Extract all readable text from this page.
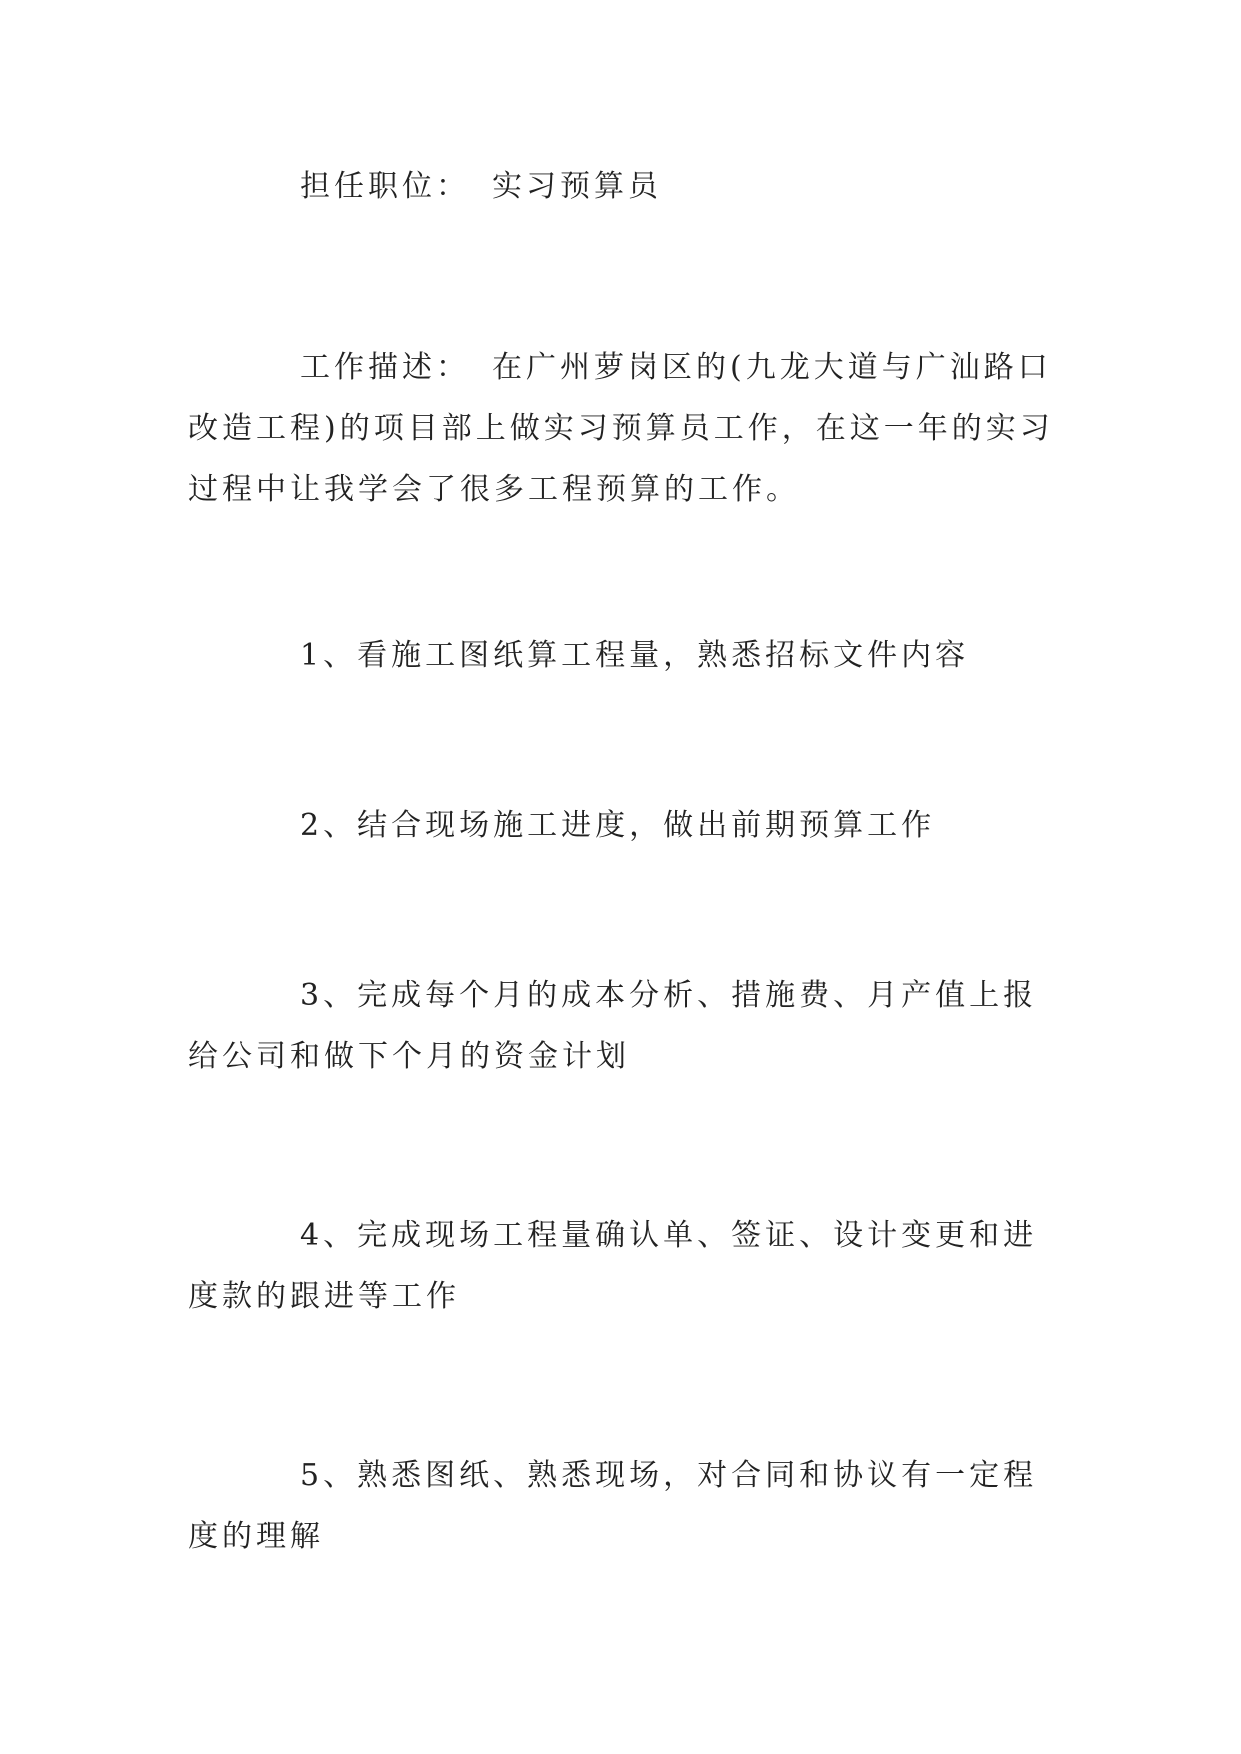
担任职位： 实习预算员

工作描述： 在广州萝岗区的(九龙大道与广汕路口改造工程)的项目部上做实习预算员工作，在这一年的实习过程中让我学会了很多工程预算的工作。

1、看施工图纸算工程量，熟悉招标文件内容

2、结合现场施工进度，做出前期预算工作

3、完成每个月的成本分析、措施费、月产值上报给公司和做下个月的资金计划

4、完成现场工程量确认单、签证、设计变更和进度款的跟进等工作

5、熟悉图纸、熟悉现场，对合同和协议有一定程度的理解
